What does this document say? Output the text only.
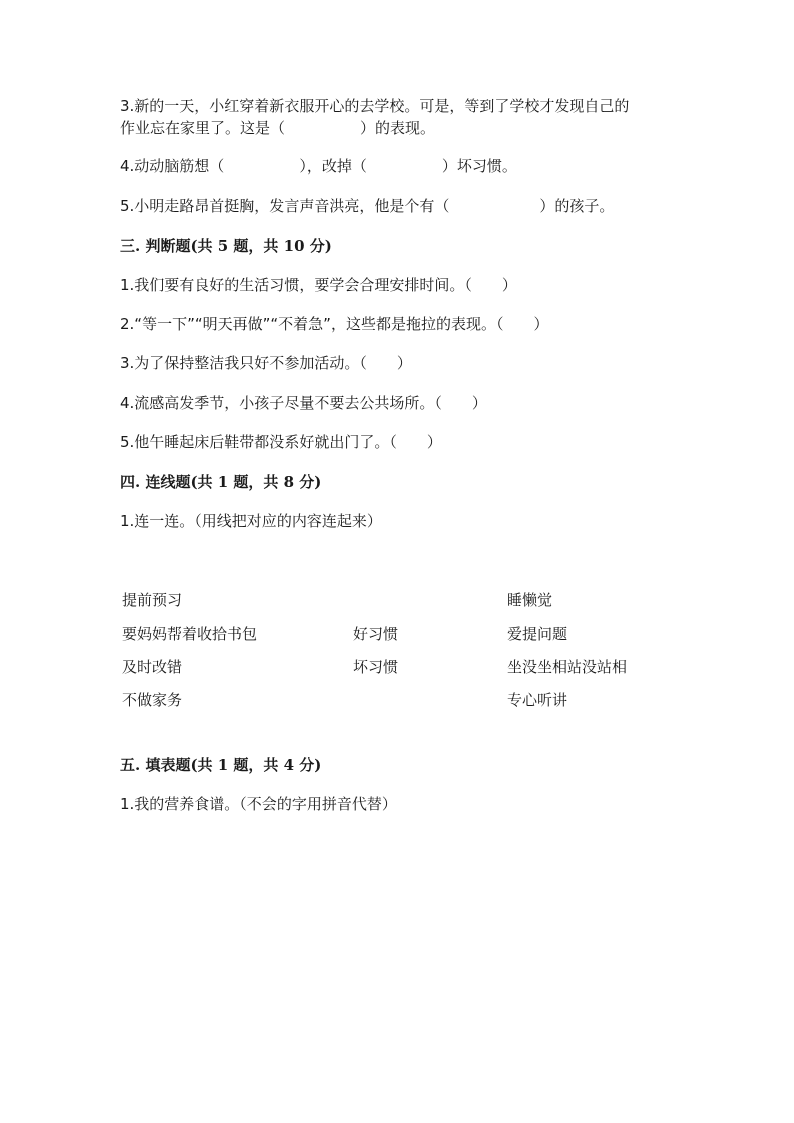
3.新的一天，小红穿着新衣服开心的去学校。可是，等到了学校才发现自己的
作业忘在家里了。这是（　　　　　）的表现。
4.动动脑筋想（　　　　　），改掉（　　　　　）坏习惯。
5.小明走路昂首挺胸，发言声音洪亮，他是个有（　　　　　　）的孩子。
三. 判断题(共 5 题，共 10 分)
1.我们要有良好的生活习惯，要学会合理安排时间。（　　）
2.“等一下”“明天再做”“不着急”，这些都是拖拉的表现。（　　）
3.为了保持整洁我只好不参加活动。（　　）
4.流感高发季节，小孩子尽量不要去公共场所。（　　）
5.他午睡起床后鞋带都没系好就出门了。（　　）
四. 连线题(共 1 题，共 8 分)
1.连一连。（用线把对应的内容连起来）
提前预习
要妈妈帮着收拾书包
及时改错
不做家务
好习惯
坏习惯
睡懒觉
爱提问题
坐没坐相站没站相
专心听讲
五. 填表题(共 1 题，共 4 分)
1.我的营养食谱。（不会的字用拼音代替）
